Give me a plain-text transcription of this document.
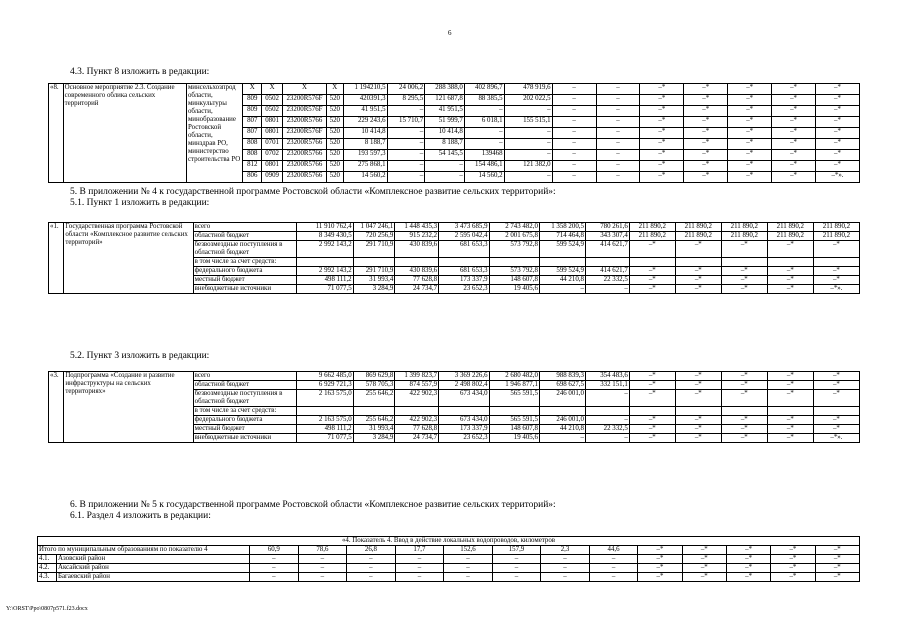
6
4.3. Пункт 8 изложить в редакции:
«8.	Основное мероприятие 2.3. Создание современного облика сельских территорий	минсельхозпрод области, минкультуры области, минобразование Ростовской области, минздрав РО, министерство строительства РО	Х	Х	Х	Х	1 194210,5	24 006,2	288 388,0	402 896,7	478 919,6	–	–	–*	–*	–*	–*	–*
			809	0502	23200R576F	520	420391,3	8 295,5	121 687,8	88 385,5	202 022,5	–	–	–*	–*	–*	–*	–*
			809	0502	23200R576F	520	41 951,5	–	41 951,5	–	–	–	–	–*	–*	–*	–*	–*
			807	0801	23200R5766	520	229 243,6	15 710,7	51 999,7	6 018,1	155 515,1	–	–	–*	–*	–*	–*	–*
			807	0801	23200R576F	520	10 414,8	–	10 414,8	–	–	–	–	–*	–*	–*	–*	–*
			808	0701	23200R5766	520	8 188,7	–	8 188,7	–	–	–	–	–*	–*	–*	–*	–*
			808	0702	23200R5766	520	193 597,3	–	54 145,5	139468	–	–	–	–*	–*	–*	–*	–*
			812	0801	23200R5766	520	275 868,1	–	–	154 486,1	121 382,0	–	–	–*	–*	–*	–*	–*
			806	0909	23200R5766	520	14 560,2	–	–	14 560,2	–	–	–	–*	–*	–*	–*	–*».
5. В приложении № 4 к государственной программе Ростовской области «Комплексное развитие сельских территорий»:
5.1. Пункт 1 изложить в редакции:
«1.	Государственная программа Ростовской области «Комплексное развитие сельских территорий»	всего	11 910 762,4	1 047 246,1	1 448 435,3	3 473 685,9	2 743 482,0	1 358 200,5	780 261,6	211 890,2	211 890,2	211 890,2	211 890,2	211 890,2
		областной бюджет	8 349 430,5	720 256,9	915 232,2	2 595 042,4	2 001 675,8	714 464,8	343 307,4	211 890,2	211 890,2	211 890,2	211 890,2	211 890,2
		безвозмездные поступления в областной бюджет	2 992 143,2	291 710,9	430 839,6	681 653,3	573 792,8	599 524,9	414 621,7	–*	–*	–*	–*	–*
		в том числе за счет средств:												
		федерального бюджета	2 992 143,2	291 710,9	430 839,6	681 653,3	573 792,8	599 524,9	414 621,7	–*	–*	–*	–*	–*
		местный бюджет	498 111,2	31 993,4	77 628,8	173 337,9	148 607,8	44 210,8	22 332,5	–*	–*	–*	–*	–*
		внебюджетные источники	71 077,5	3 284,9	24 734,7	23 652,3	19 405,6	–	–	–*	–*	–*	–*	–*».
5.2. Пункт 3 изложить в редакции:
«3.	Подпрограмма «Создание и развитие инфраструктуры на сельских территориях»	всего	9 662 485,0	869 629,8	1 399 823,7	3 369 226,6	2 680 482,0	988 839,3	354 483,6	–*	–*	–*	–*	–*
		областной бюджет	6 929 721,3	578 705,3	874 557,9	2 498 802,4	1 946 877,1	698 627,5	332 151,1	–*	–*	–*	–*	–*
		безвозмездные поступления в областной бюджет	2 163 575,0	255 646,2	422 902,3	673 434,0	565 591,5	246 001,0	–	–*	–*	–*	–*	–*
		в том числе за счет средств:												
		федерального бюджета	2 163 575,0	255 646,2	422 902,3	673 434,0	565 591,5	246 001,0	–	–*	–*	–*	–*	–*
		местный бюджет	498 111,2	31 993,4	77 628,8	173 337,9	148 607,8	44 210,8	22 332,5	–*	–*	–*	–*	–*
		внебюджетные источники	71 077,5	3 284,9	24 734,7	23 652,3	19 405,6	–	–	–*	–*	–*	–*	–*».
6. В приложении № 5 к государственной программе Ростовской области «Комплексное развитие сельских территорий»:
6.1. Раздел 4 изложить в редакции:
«4. Показатель 4. Ввод в действие локальных водопроводов, километров														
Итого по муниципальным образованиям по показателю 4		60,9	78,6	26,8	17,7	152,6	157,9	2,3	44,6	–*	–*	–*	–*	–*
4.1.	Азовский район	–	–	–	–	–	–	–	–	–*	–*	–*	–*	–*
4.2.	Аксайский район	–	–	–	–	–	–	–	–	–*	–*	–*	–*	–*
4.3.	Багаевский район	–	–	–	–	–	–	–	–	–*	–*	–*	–*	–*
Y:\ORST\Ppo\0807p571.f23.docx
